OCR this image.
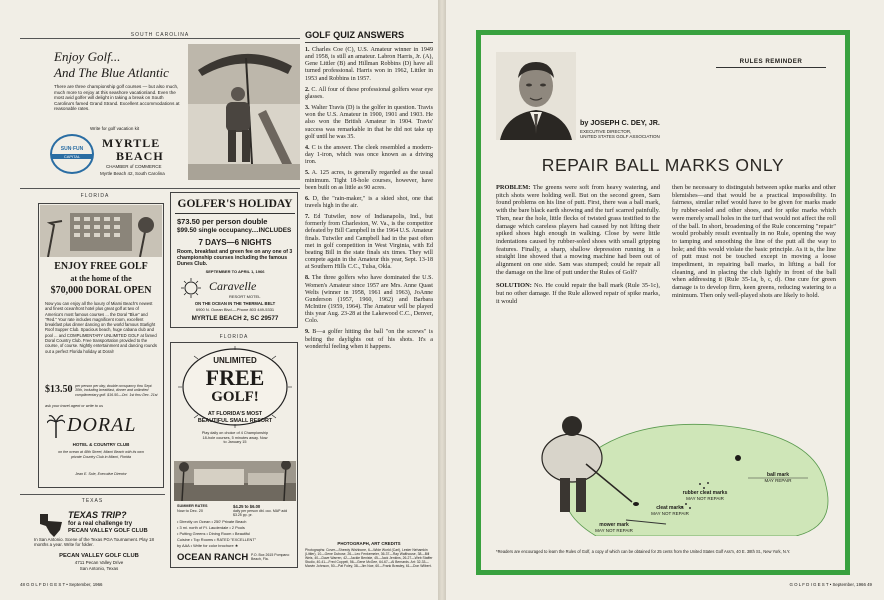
SOUTH CAROLINA
Enjoy Golf...
And The Blue Atlantic
There are three championship golf courses — but also much, much more to enjoy at this seashore vacationland. Even the most avid golfer will delight in taking a break on South Carolina's famed Grand Strand. Excellent accommodations at reasonable rates.
Write for golf vacation kit
SUN·FUN
CAPITAL
MYRTLE
BEACH
CHAMBER of COMMERCE
Myrtle Beach 42, South Carolina
FLORIDA
ENJOY FREE GOLF
at the home of the
$70,000 DORAL OPEN
Now you can enjoy all the luxury of Miami Beach's newest and finest oceanfront hotel plus great golf at two of America's most famous courses ... the Doral "Blue" and "Red." Your rate includes magnificent room, excellent breakfast plus dinner dancing on the world famous Starlight Roof Supper Club. Spacious beach, huge cabana club and pool ... and COMPLIMENTARY UNLIMITED GOLF at famed Doral Country Club. Free transportation provided to the course, of course. Nightly entertainment and dancing rounds out a perfect Florida holiday at Doral!
$13.50 per person per day, double occupancy thru Sept. 30th, including breakfast, dinner and unlimited complimentary golf. $16.50—Oct. 1st thru Dec. 21st
ask your travel agent or write to us
DORAL
HOTEL & COUNTRY CLUB
on the ocean at 48th Street, Miami Beach with its own private Country Club in Miami, Florida
Jean E. Sole, Executive Director
GOLFER'S HOLIDAY
$73.50 per person double
$99.50 single occupancy....INCLUDES
7 DAYS—6 NIGHTS
Room, breakfast and green fee on any one of 3 championship courses including the famous Dunes Club.
SEPTEMBER TO APRIL 1, 1966
Caravelle
RESORT MOTEL
ON THE OCEAN IN THE THERMAL BELT
6900 N. Ocean Blvd.—Phone 803 449-5331
MYRTLE BEACH 2, SC 29577
FLORIDA
UNLIMITED
FREE
GOLF!
AT FLORIDA'S MOST
BEAUTIFUL SMALL RESORT
Play daily on choice of 4 Championship 18-hole courses, 5 minutes away. Now to January 15
SUMMER RATES
Now to Dec. 20
$4.25 to $6.00
daily per person dbl. occ. MAP add $3.25 pp. pr.
• Directly on Ocean • 250' Private Beach
• 3 mi. north of Ft. Lauderdale • 2 Pools
• Putting Greens • Dining Room • Beautiful
Cuisine • Top Rooms • RATED "EXCELLENT"
by AAA • Write for color brochure ★
OCEAN RANCH P.O. Box 2615 Pompano Beach, Fla.
TEXAS
TEXAS TRIP?
for a real challenge try
PECAN VALLEY GOLF CLUB
In San Antonio. Scene of the Texas PGA Tournament. Play 18 months a year. Write for folder.
PECAN VALLEY GOLF CLUB
4711 Pecan Valley Drive
San Antonio, Texas
GOLF QUIZ ANSWERS

1. Charles Coe (C), U.S. Amateur winner in 1949 and 1958, is still an amateur. Labron Harris, Jr. (A), Gene Littler (B) and Hillman Robbins (D) have all turned professional. Harris won in 1962, Littler in 1953 and Robbins in 1957.

2. C. All four of these professional golfers wear eye glasses.

3. Walter Travis (D) is the golfer in question. Travis won the U.S. Amateur in 1900, 1901 and 1903. He also won the British Amateur in 1904. Travis' success was remarkable in that he did not take up golf until he was 35.

4. C is the answer. The cleek resembled a modern-day 1-iron, which was once known as a driving iron.

5. A. 125 acres, is generally regarded as the usual minimum. Tight 18-hole courses, however, have been built on as little as 90 acres.

6. D, the "rain-maker," is a skied shot, one that travels high in the air.

7. Ed Tutwiler, now of Indianapolis, Ind., but formerly from Charleston, W. Va., is the competitor defeated by Bill Campbell in the 1964 U.S. Amateur finals. Tutwiler and Campbell had in the past often met in golf competition in West Virginia, with Ed beating Bill in the state finals six times. They will compete again in the Amateur this year, Sept. 13-18 at Southern Hills C.C., Tulsa, Okla.

8. The three golfers who have dominated the U.S. Women's Amateur since 1957 are Mrs. Anne Quast Welts (winner in 1958, 1961 and 1963), JoAnne Gunderson (1957, 1960, 1962) and Barbara McIntire (1959, 1964). The Amateur will be played this year Aug. 23-28 at the Lakewood C.C., Denver, Colo.

9. B—a golfer hitting the ball "on the screws" is belting the daylights out of his shots. It's a wonderful feeling when it happens.

PHOTOGRAPH, ART CREDITS
Photographs: Cover—Sheedy Wishbone, 6—Wide World (Carl), Lester Nehamkin (Littler), 10—Gene Dubose, 26—Leo Fenkemeier, 36-37—Ray Walthouse, 38—Bill Weis, 40—Dave Warren, 42—Jackie Beniste, 45—Jack Jenkins, 26-27—Web Staffer Studio, 40-41—Fred Coppeli, 56—Gene McGee, 64-67—Al Bernards. Art: 32-33—Marvin Johnson, 50—Pat Foley, 38—Jim Noe, 60—Frank Brawley, 61—Don Wilbert.
48 G O L F D I G E S T • September, 1966
RULES REMINDER
by JOSEPH C. DEY, JR.
EXECUTIVE DIRECTOR,
UNITED STATES GOLF ASSOCIATION
REPAIR BALL MARKS ONLY

PROBLEM: The greens were soft from heavy watering, and pitch shots were holding well. But on the second green, Sam found problems on his line of putt. First, there was a ball mark, with the bare black earth showing and the turf scarred painfully. Then, near the hole, little flecks of twisted grass testified to the damage which careless players had caused by not lifting their spiked shoes high enough in walking. Close by were little indentations caused by rubber-soled shoes with small gripping features. Finally, a sharp, shallow depression running in a straight line showed that a mowing machine had been out of alignment on one side. Sam was stumped; could he repair all the damage on the line of putt under the Rules of Golf?

SOLUTION: No. He could repair the ball mark (Rule 35-1c), but no other damage. If the Rule allowed repair of spike marks, it would

then be necessary to distinguish between spike marks and other blemishes—and that would be a practical impossibility. In fairness, similar relief would have to be given for marks made by rubber-soled and other shoes, and for spike marks which were merely small holes in the turf that would not affect the roll of the ball. In short, broadening of the Rule concerning "repair" would probably result eventually in no Rule, opening the way to tamping and smoothing the line of the putt all the way to hole; and this would violate the basic principle. As it is, the line of putt must not be touched except in moving a loose impediment, in repairing ball marks, in lifting a ball for cleaning, and in placing the club lightly in front of the ball when addressing it (Rule 35-1a, b, c, d). One cure for green damage is to develop firm, keen greens, reducing watering to a minimum. Then only well-played shots are likely to hold.

ball mark
MAY REPAIR
rubber cleat marks
MAY NOT REPAIR
cleat marks
MAY NOT REPAIR
mower mark
MAY NOT REPAIR
*Readers are encouraged to learn the Rules of Golf, a copy of which can be obtained for 25 cents from the United States Golf Ass'n, 40 E. 38th St., New York, N.Y.
G O L F D I G E S T • September, 1966 49
